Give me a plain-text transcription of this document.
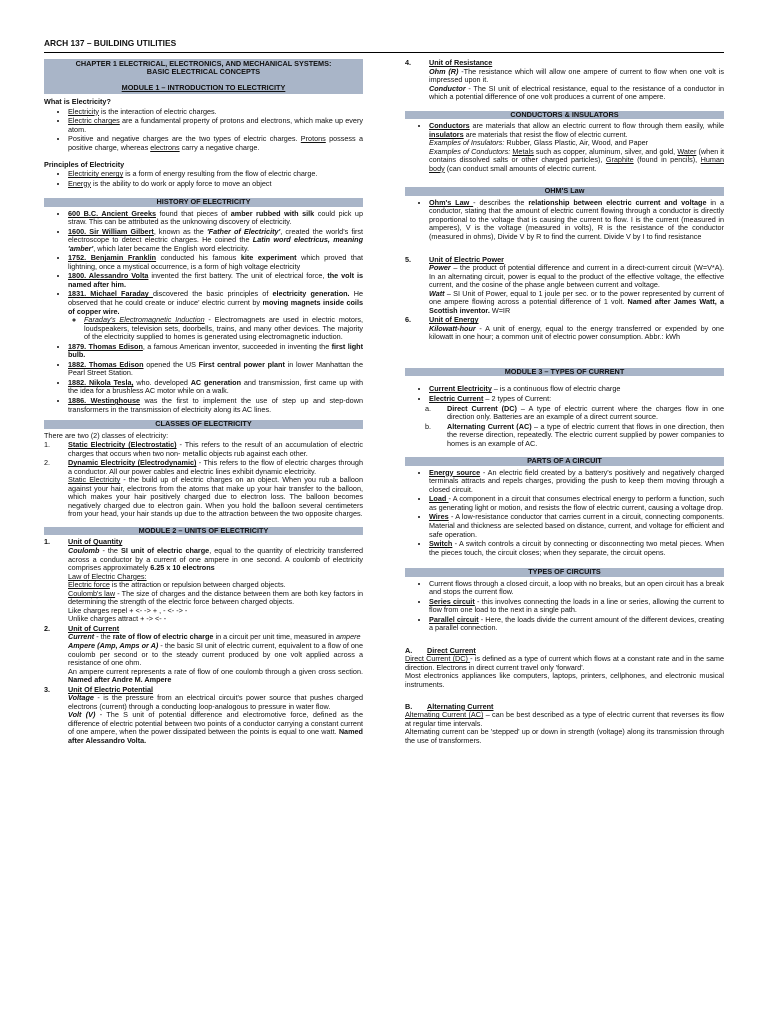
ARCH 137 – BUILDING UTILITIES
CHAPTER 1 ELECTRICAL, ELECTRONICS, AND MECHANICAL SYSTEMS:
BASIC ELECTRICAL CONCEPTS
MODULE 1 – INTRODUCTION TO ELECTRICITY
What is Electricity?
• Electricity is the interaction of electric charges.
• Electric charges are a fundamental property of protons and electrons, which make up every atom.
• Positive and negative charges are the two types of electric charges. Protons possess a positive charge, whereas electrons carry a negative charge.
Principles of Electricity
• Electricity energy is a form of energy resulting from the flow of electric charge.
• Energy is the ability to do work or apply force to move an object
HISTORY OF ELECTRICITY
• 600 B.C. Ancient Greeks found that pieces of amber rubbed with silk could pick up straw. This can be attributed as the unknowing discovery of electricity.
• 1600. Sir William Gilbert, known as the 'Father of Electricity', created the world's first electroscope to detect electric charges. He coined the Latin word electricus, meaning 'amber', which later became the English word electricity.
• 1752. Benjamin Franklin conducted his famous kite experiment which proved that lightning, once a mystical occurrence, is a form of high voltage electricity
• 1800. Alessandro Volta invented the first battery. The unit of electrical force, the volt is named after him.
• 1831. Michael Faraday discovered the basic principles of electricity generation. He observed that he could create or induce' electric current by moving magnets inside coils of copper wire.
◦ Faraday's Electromagnetic Induction - Electromagnets are used in electric motors, loudspeakers, television sets, doorbells, trains, and many other devices. The majority of the electricity supplied to homes is generated using electromagnetic induction.
• 1879. Thomas Edison, a famous American inventor, succeeded in inventing the first light bulb.
• 1882. Thomas Edison opened the US First central power plant in lower Manhattan the Pearl Street Station.
• 1882. Nikola Tesla, who. developed AC generation and transmission, first came up with the idea for a brushless AC motor while on a walk.
• 1886. Westinghouse was the first to implement the use of step up and step-down transformers in the transmission of electricity along its AC lines.
CLASSES OF ELECTRICITY
There are two (2) classes of electricity:
1.	Static Electricity (Electrostatic) - This refers to the result of an accumulation of electric charges that occurs when two non- metallic objects rub against each other.
2.	Dynamic Electricity (Electrodynamic) - This refers to the flow of electric charges through a conductor. All our power cables and electric lines exhibit dynamic electricity.
Static Electricity - the build up of electric charges on an object. When you rub a balloon against your hair, electrons from the atoms that make up your hair transfer to the balloon, which makes your hair positively charged due to electron loss. The balloon becomes negatively charged due to electron gain. When you hold the balloon several centimeters from your head, your hair stands up due to the attraction between the two opposite charges.
MODULE 2 – UNITS OF ELECTRICITY
1.	Unit of Quantity
Coulomb - the SI unit of electric charge, equal to the quantity of electricity transferred across a conductor by a current of one ampere in one second. A coulomb of electricity comprises approximately 6.25 x 10 electrons
Law of Electric Charges:
Electric force is the attraction or repulsion between charged objects.
Coulomb's law - The size of charges and the distance between them are both key factors in determining the strength of the electric force between charged objects.
Like charges repel + <- -> + , - <- -> -
Unlike charges attract + -> <- -
2.	Unit of Current
Current - the rate of flow of electric charge in a circuit per unit time, measured in ampere
Ampere (Amp, Amps or A) - the basic SI unit of electric current, equivalent to a flow of one coulomb per second or to the steady current produced by one volt applied across a resistance of one ohm.
An ampere current represents a rate of flow of one coulomb through a given cross section. Named after Andre M. Ampere
3.	Unit Of Electric Potential
Voltage - is the pressure from an electrical circuit's power source that pushes charged electrons (current) through a conducting loop-analogous to pressure in water flow.
Volt (V) - The S unit of potential difference and electromotive force, defined as the difference of electric potential between two points of a conductor carrying a constant current of one ampere, when the power dissipated between the points is equal to one watt. Named after Alessandro Volta.
4.	Unit of Resistance
Ohm (R) -The resistance which will allow one ampere of current to flow when one volt is impressed upon it.
Conductor - The SI unit of electrical resistance, equal to the resistance of a conductor in which a potential difference of one volt produces a current of one ampere.
CONDUCTORS & INSULATORS
• Conductors are materials that allow an electric current to flow through them easily, while insulators are materials that resist the flow of electric current.
Examples of Insulators: Rubber, Glass Plastic, Air, Wood, and Paper
Examples of Conductors: Metals such as copper, aluminum, silver, and gold, Water (when it contains dissolved salts or other charged particles), Graphite (found in pencils), Human body (can conduct small amounts of electric current.
OHM'S Law
• Ohm's Law - describes the relationship between electric current and voltage in a conductor, stating that the amount of electric current flowing through a conductor is directly proportional to the voltage that is causing the current to flow. I is the current (measured in amperes), V is the voltage (measured in volts), R is the resistance of the conductor (measured in ohms), Divide V by R to find the current. Divide V by I to find resistance
5.	Unit of Electric Power
Power – the product of potential difference and current in a direct-current circuit (W=V*A). In an alternating circuit, power is equal to the product of the effective voltage, the effective current, and the cosine of the phase angle between current and voltage.
Watt – SI Unit of Power, equal to 1 joule per sec. or to the power represented by current of one ampere flowing across a potential difference of 1 volt. Named after James Watt, a Scottish inventor. W=IR
6.	Unit of Energy
Kilowatt-hour - A unit of energy, equal to the energy transferred or expended by one kilowatt in one hour; a common unit of electric power consumption. Abbr.: kWh
MODULE 3 – TYPES OF CURRENT
• Current Electricity – is a continuous flow of electric charge
• Electric Current – 2 types of Current:
a.	Direct Current (DC) – A type of electric current where the charges flow in one direction only. Batteries are an example of a direct current source.
b.	Alternating Current (AC) – a type of electric current that flows in one direction, then the reverse direction, repeatedly. The electric current supplied by power companies to homes is an example of AC.
PARTS OF A CIRCUIT
• Energy source - An electric field created by a battery's positively and negatively charged terminals attracts and repels charges, providing the push to keep them moving through a closed circuit.
• Load - A component in a circuit that consumes electrical energy to perform a function, such as generating light or motion, and resists the flow of electric current, causing a voltage drop.
• Wires - A low-resistance conductor that carries current in a circuit, connecting components. Material and thickness are selected based on distance, current, and voltage for efficient and safe operation.
• Switch - A switch controls a circuit by connecting or disconnecting two metal pieces. When the pieces touch, the circuit closes; when they separate, the circuit opens.
TYPES OF CIRCUITS
• Current flows through a closed circuit, a loop with no breaks, but an open circuit has a break and stops the current flow.
• Series circuit - this involves connecting the loads in a line or series, allowing the current to flow from one load to the next in a single path.
• Parallel circuit - Here, the loads divide the current amount of the different devices, creating a parallel connection.
A.	Direct Current
Direct Current (DC) - is defined as a type of current which flows at a constant rate and in the same direction. Electrons in direct current travel only 'forward'.
Most electronics appliances like computers, laptops, printers, cellphones, and electronic musical instruments.
B.	Alternating Current
Alternating Current (AC) – can be best described as a type of electric current that reverses its flow at regular time intervals.
Alternating current can be 'stepped' up or down in strength (voltage) along its transmission through the use of transformers.
